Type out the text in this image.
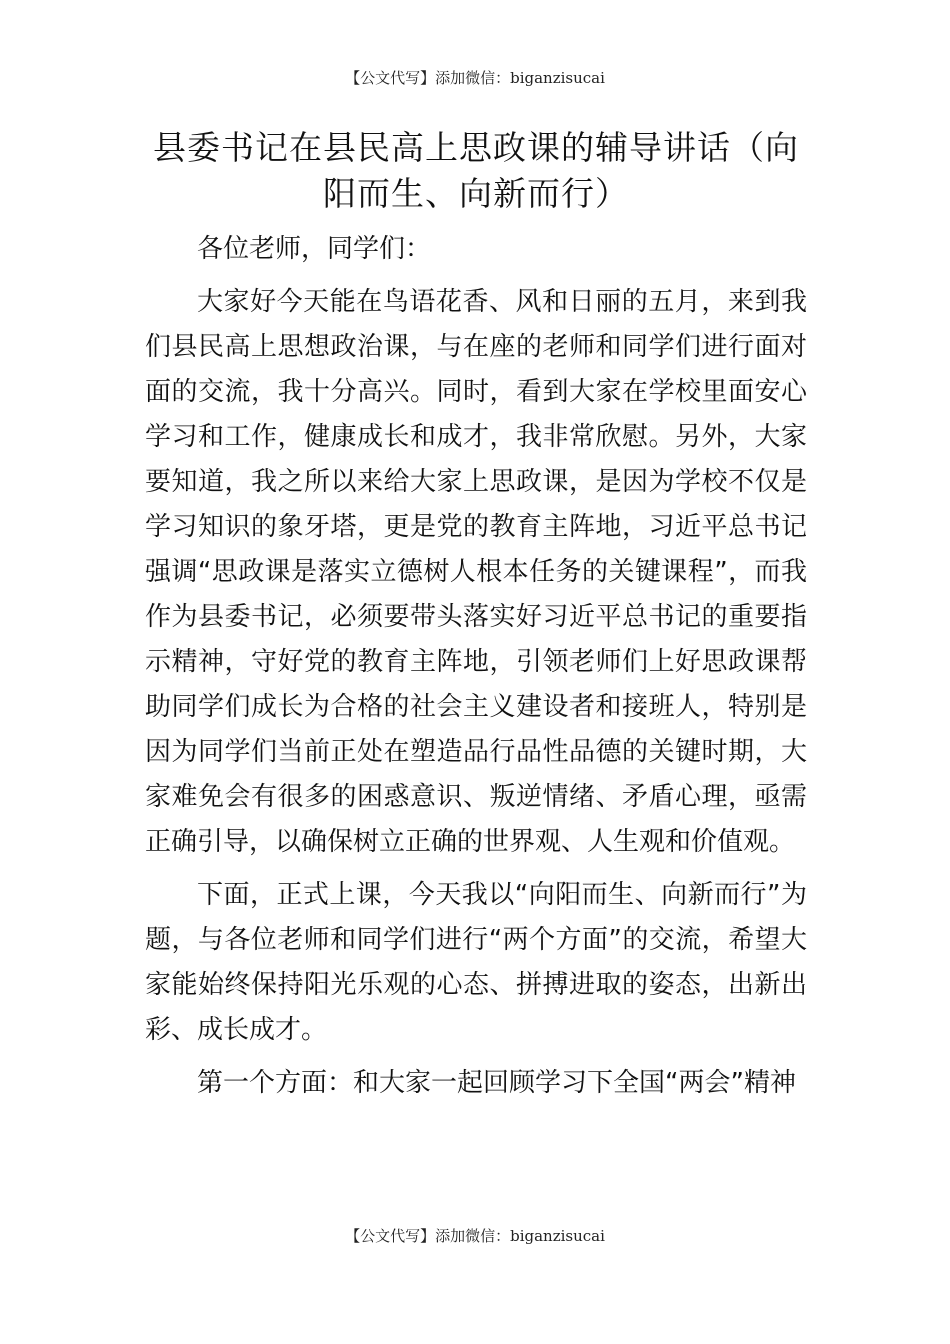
【公文代写】添加微信：biganzisucai
县委书记在县民高上思政课的辅导讲话（向阳而生、向新而行）

各位老师，同学们：

大家好今天能在鸟语花香、风和日丽的五月，来到我们县民高上思想政治课，与在座的老师和同学们进行面对面的交流，我十分高兴。同时，看到大家在学校里面安心学习和工作，健康成长和成才，我非常欣慰。另外，大家要知道，我之所以来给大家上思政课，是因为学校不仅是学习知识的象牙塔，更是党的教育主阵地，习近平总书记强调“思政课是落实立德树人根本任务的关键课程”，而我作为县委书记，必须要带头落实好习近平总书记的重要指示精神，守好党的教育主阵地，引领老师们上好思政课帮助同学们成长为合格的社会主义建设者和接班人，特别是因为同学们当前正处在塑造品行品性品德的关键时期，大家难免会有很多的困惑意识、叛逆情绪、矛盾心理，亟需正确引导，以确保树立正确的世界观、人生观和价值观。

下面，正式上课，今天我以“向阳而生、向新而行”为题，与各位老师和同学们进行“两个方面”的交流，希望大家能始终保持阳光乐观的心态、拼搏进取的姿态，出新出彩、成长成才。

第一个方面：和大家一起回顾学习下全国“两会”精神

【公文代写】添加微信：biganzisucai
